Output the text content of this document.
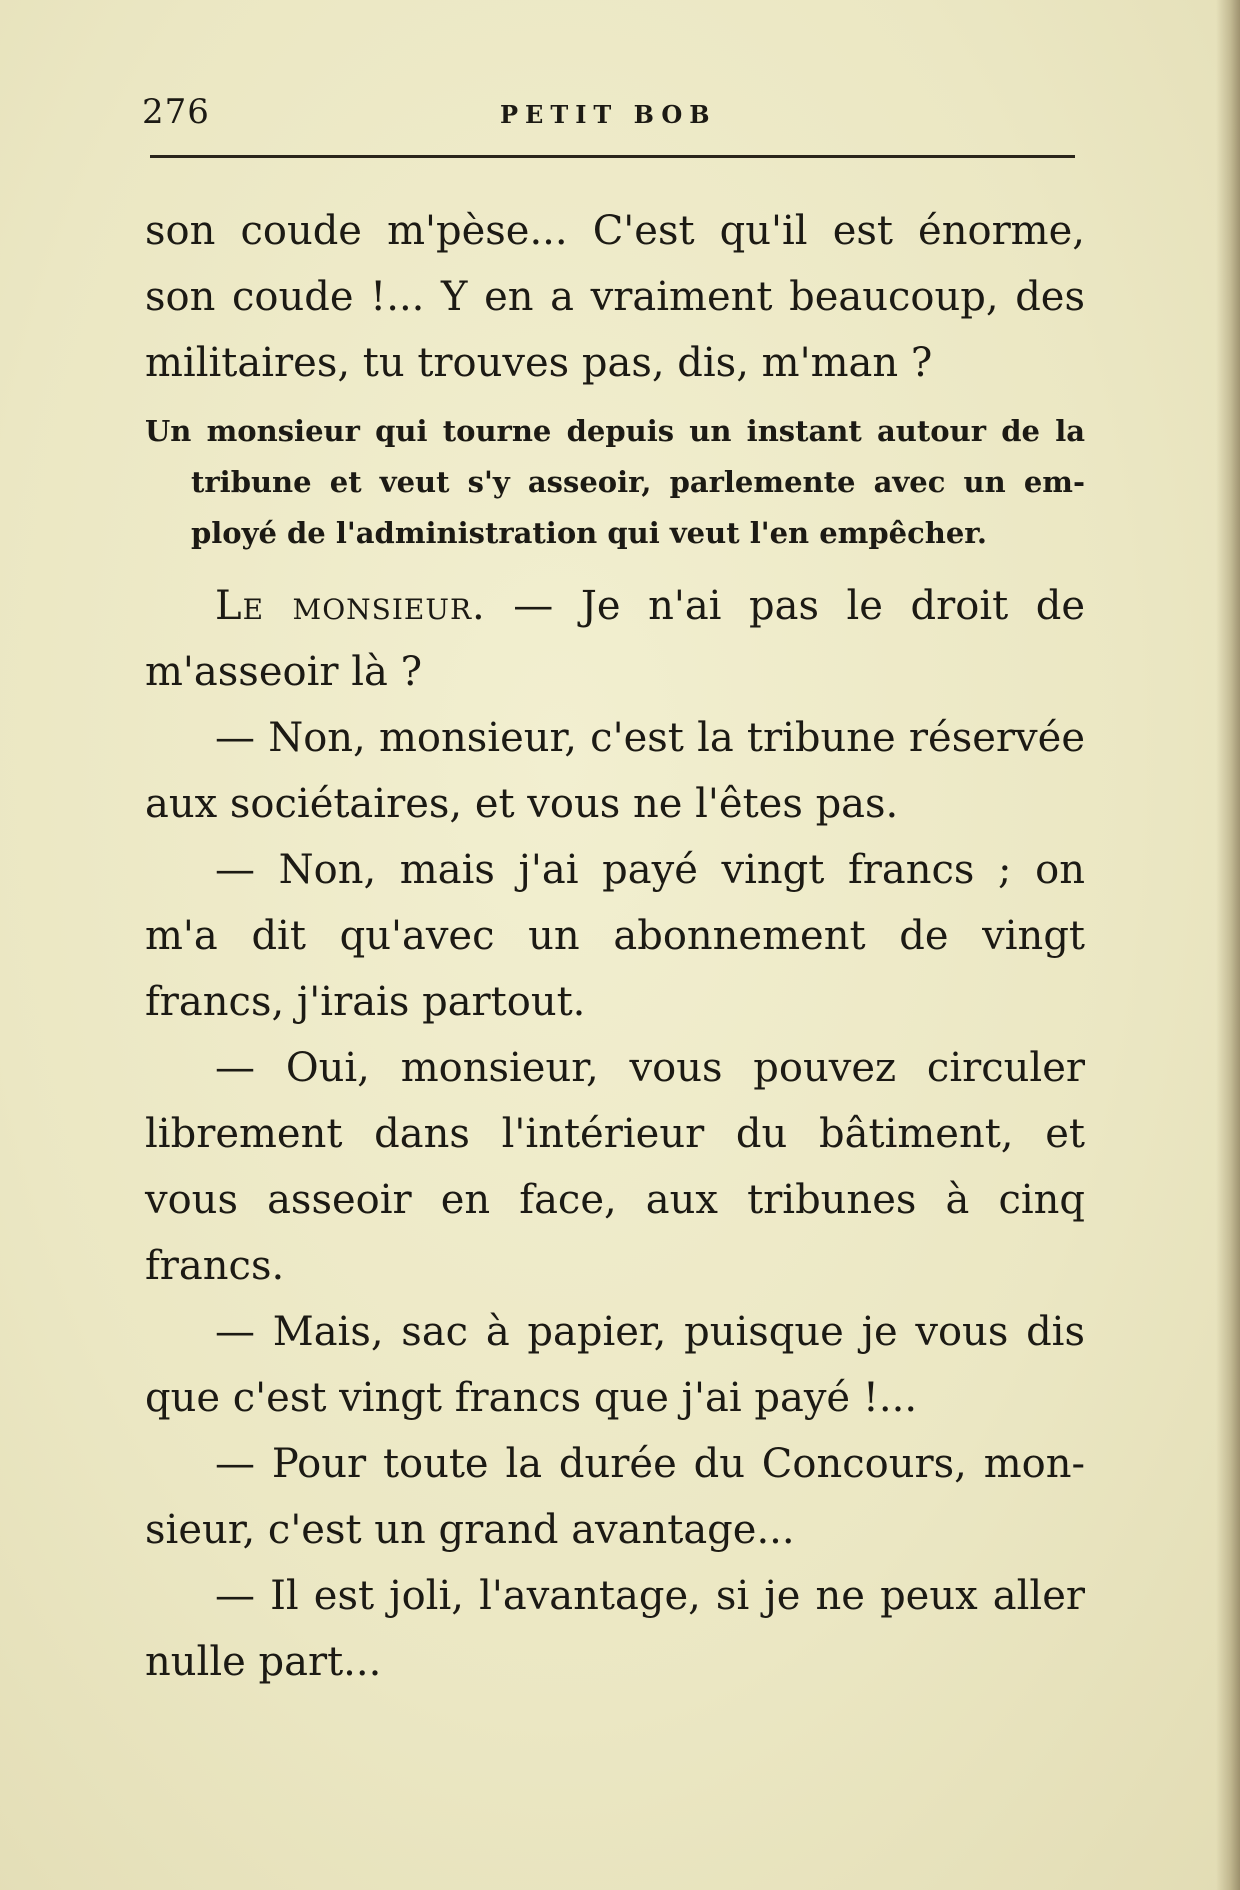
276	PETIT BOB
son coude m'pèse... C'est qu'il est énorme,
son coude !... Y en a vraiment beaucoup, des
militaires, tu trouves pas, dis, m'man ?
Un monsieur qui tourne depuis un instant autour de la
tribune et veut s'y asseoir, parlemente avec un em-
ployé de l'administration qui veut l'en empêcher.
Le monsieur. — Je n'ai pas le droit de
m'asseoir là ?
— Non, monsieur, c'est la tribune réservée
aux sociétaires, et vous ne l'êtes pas.
— Non, mais j'ai payé vingt francs ; on
m'a dit qu'avec un abonnement de vingt
francs, j'irais partout.
— Oui, monsieur, vous pouvez circuler
librement dans l'intérieur du bâtiment, et
vous asseoir en face, aux tribunes à cinq
francs.
— Mais, sac à papier, puisque je vous dis
que c'est vingt francs que j'ai payé !...
— Pour toute la durée du Concours, mon-
sieur, c'est un grand avantage...
— Il est joli, l'avantage, si je ne peux aller
nulle part...
